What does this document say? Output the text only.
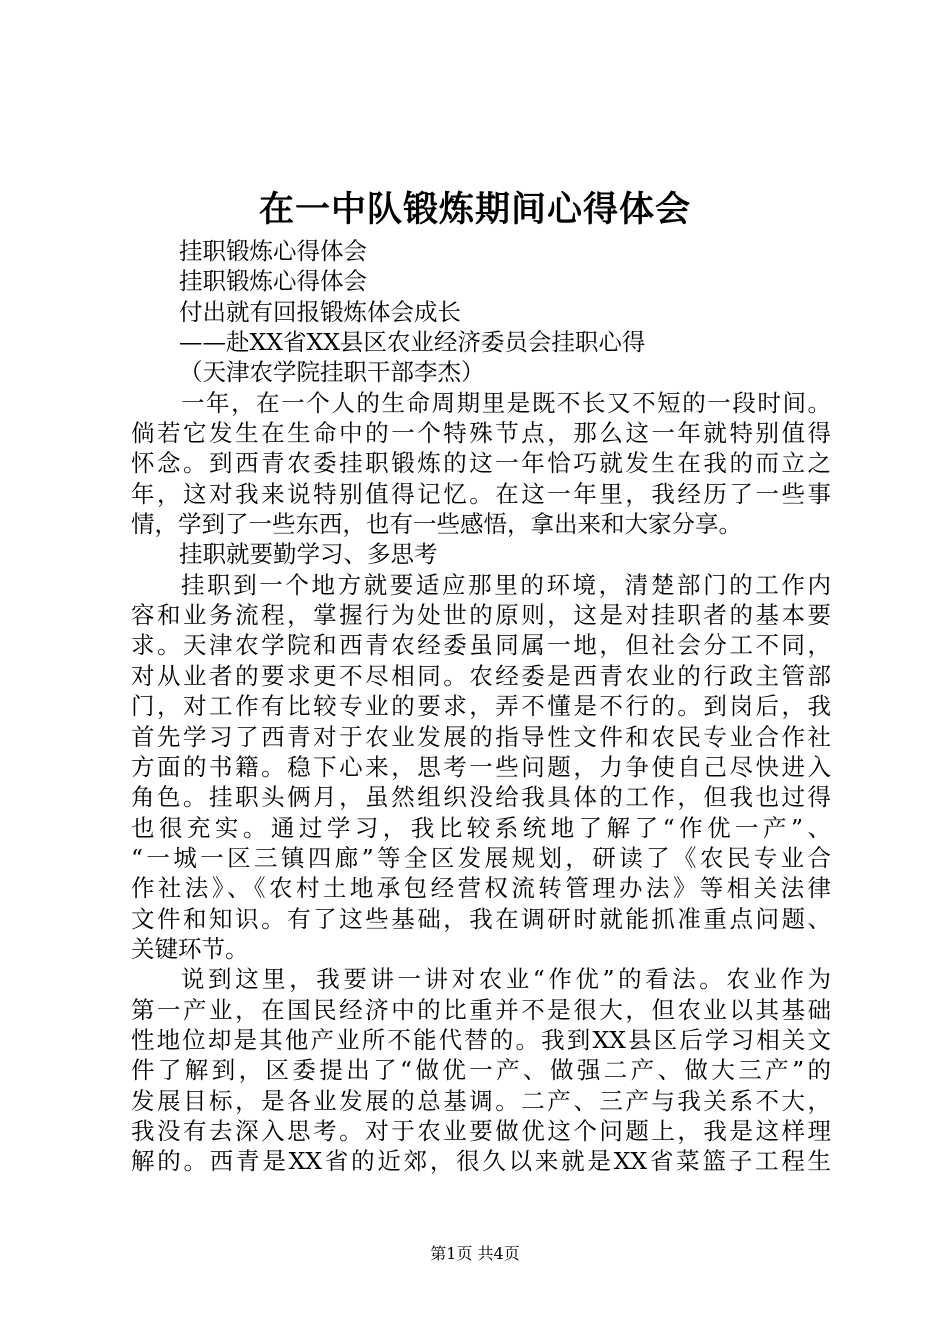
在一中队锻炼期间心得体会
挂职锻炼心得体会
挂职锻炼心得体会
付出就有回报锻炼体会成长
——赴XX省XX县区农业经济委员会挂职心得
（天津农学院挂职干部李杰）
一年，在一个人的生命周期里是既不长又不短的一段时间。
倘若它发生在生命中的一个特殊节点，那么这一年就特别值得
怀念。到西青农委挂职锻炼的这一年恰巧就发生在我的而立之
年，这对我来说特别值得记忆。在这一年里，我经历了一些事
情，学到了一些东西，也有一些感悟，拿出来和大家分享。
挂职就要勤学习、多思考
挂职到一个地方就要适应那里的环境，清楚部门的工作内
容和业务流程，掌握行为处世的原则，这是对挂职者的基本要
求。天津农学院和西青农经委虽同属一地，但社会分工不同，
对从业者的要求更不尽相同。农经委是西青农业的行政主管部
门，对工作有比较专业的要求，弄不懂是不行的。到岗后，我
首先学习了西青对于农业发展的指导性文件和农民专业合作社
方面的书籍。稳下心来，思考一些问题，力争使自己尽快进入
角色。挂职头俩月，虽然组织没给我具体的工作，但我也过得
也很充实。通过学习，我比较系统地了解了“作优一产”、
“一城一区三镇四廊”等全区发展规划，研读了《农民专业合
作社法》、《农村土地承包经营权流转管理办法》等相关法律
文件和知识。有了这些基础，我在调研时就能抓准重点问题、
关键环节。
说到这里，我要讲一讲对农业“作优”的看法。农业作为
第一产业，在国民经济中的比重并不是很大，但农业以其基础
性地位却是其他产业所不能代替的。我到XX县区后学习相关文
件了解到，区委提出了“做优一产、做强二产、做大三产”的
发展目标，是各业发展的总基调。二产、三产与我关系不大，
我没有去深入思考。对于农业要做优这个问题上，我是这样理
解的。西青是XX省的近郊，很久以来就是XX省菜篮子工程生
第1页 共4页
